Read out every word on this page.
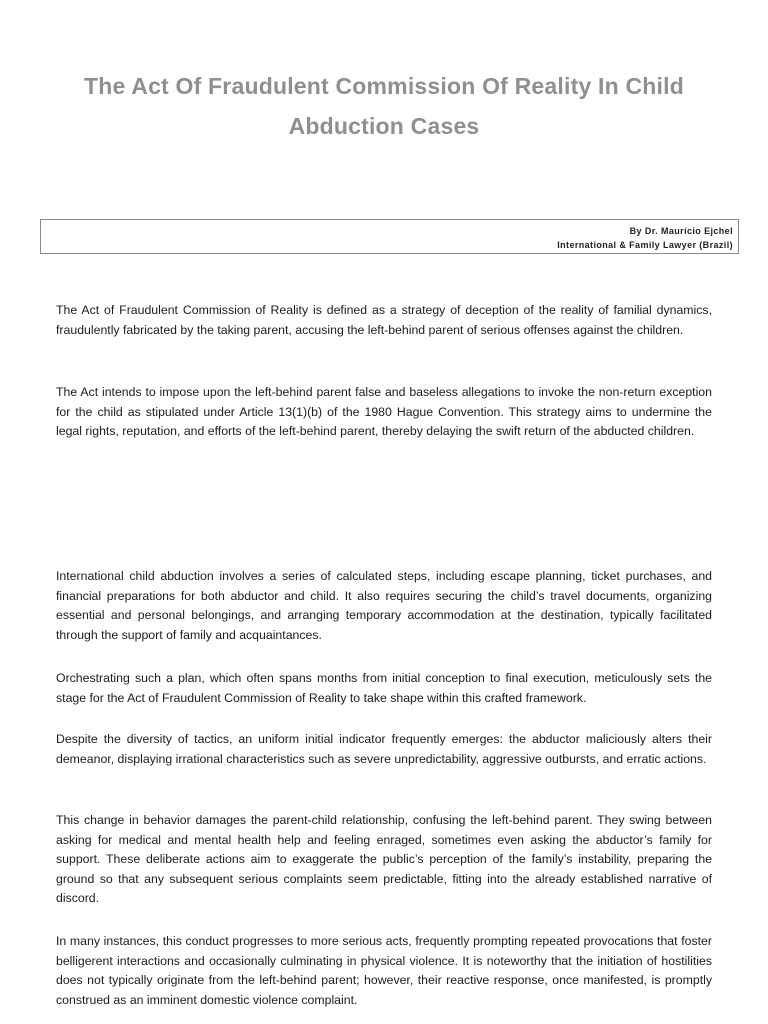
The Act Of Fraudulent Commission Of Reality In Child Abduction Cases
By Dr. Maurício Ejchel
International & Family Lawyer (Brazil)

The Act of Fraudulent Commission of Reality is defined as a strategy of deception of the reality of familial dynamics, fraudulently fabricated by the taking parent, accusing the left-behind parent of serious offenses against the children.

The Act intends to impose upon the left-behind parent false and baseless allegations to invoke the non-return exception for the child as stipulated under Article 13(1)(b) of the 1980 Hague Convention. This strategy aims to undermine the legal rights, reputation, and efforts of the left-behind parent, thereby delaying the swift return of the abducted children.

International child abduction involves a series of calculated steps, including escape planning, ticket purchases, and financial preparations for both abductor and child. It also requires securing the child’s travel documents, organizing essential and personal belongings, and arranging temporary accommodation at the destination, typically facilitated through the support of family and acquaintances.

Orchestrating such a plan, which often spans months from initial conception to final execution, meticulously sets the stage for the Act of Fraudulent Commission of Reality to take shape within this crafted framework.

Despite the diversity of tactics, an uniform initial indicator frequently emerges: the abductor maliciously alters their demeanor, displaying irrational characteristics such as severe unpredictability, aggressive outbursts, and erratic actions.

This change in behavior damages the parent-child relationship, confusing the left-behind parent. They swing between asking for medical and mental health help and feeling enraged, sometimes even asking the abductor’s family for support. These deliberate actions aim to exaggerate the public’s perception of the family’s instability, preparing the ground so that any subsequent serious complaints seem predictable, fitting into the already established narrative of discord.

In many instances, this conduct progresses to more serious acts, frequently prompting repeated provocations that foster belligerent interactions and occasionally culminating in physical violence. It is noteworthy that the initiation of hostilities does not typically originate from the left-behind parent; however, their reactive response, once manifested, is promptly construed as an imminent domestic violence complaint.
